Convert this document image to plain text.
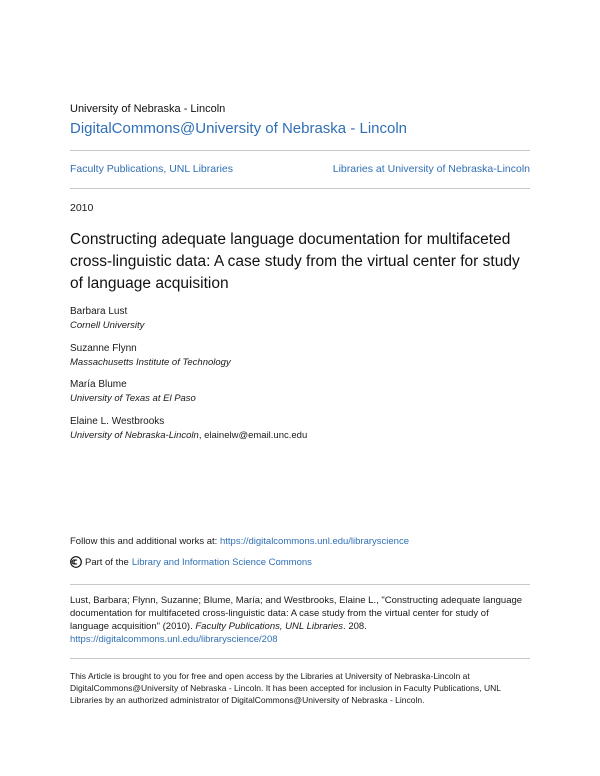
University of Nebraska - Lincoln
DigitalCommons@University of Nebraska - Lincoln
Faculty Publications, UNL Libraries	Libraries at University of Nebraska-Lincoln
2010
Constructing adequate language documentation for multifaceted cross-linguistic data: A case study from the virtual center for study of language acquisition
Barbara Lust
Cornell University
Suzanne Flynn
Massachusetts Institute of Technology
María Blume
University of Texas at El Paso
Elaine L. Westbrooks
University of Nebraska-Lincoln, elainelw@email.unc.edu
Follow this and additional works at: https://digitalcommons.unl.edu/libraryscience
Part of the Library and Information Science Commons
Lust, Barbara; Flynn, Suzanne; Blume, María; and Westbrooks, Elaine L., "Constructing adequate language documentation for multifaceted cross-linguistic data: A case study from the virtual center for study of language acquisition" (2010). Faculty Publications, UNL Libraries. 208.
https://digitalcommons.unl.edu/libraryscience/208
This Article is brought to you for free and open access by the Libraries at University of Nebraska-Lincoln at DigitalCommons@University of Nebraska - Lincoln. It has been accepted for inclusion in Faculty Publications, UNL Libraries by an authorized administrator of DigitalCommons@University of Nebraska - Lincoln.
